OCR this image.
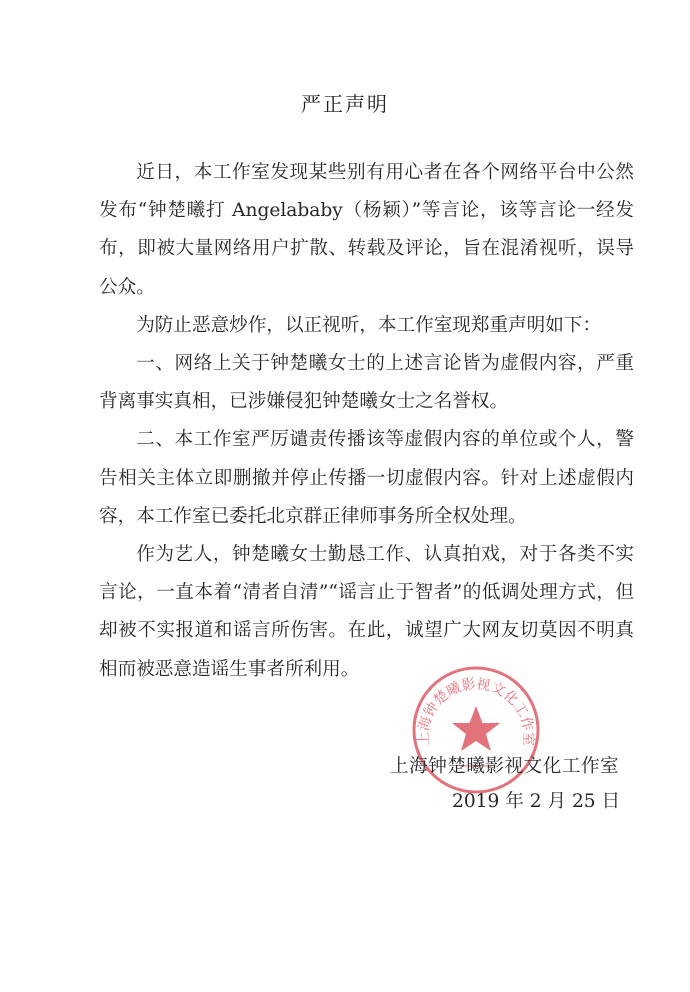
严正声明

近日，本工作室发现某些别有用心者在各个网络平台中公然发布“钟楚曦打 Angelababy（杨颖）”等言论，该等言论一经发布，即被大量网络用户扩散、转载及评论，旨在混淆视听，误导公众。

为防止恶意炒作，以正视听，本工作室现郑重声明如下：

一、网络上关于钟楚曦女士的上述言论皆为虚假内容，严重背离事实真相，已涉嫌侵犯钟楚曦女士之名誉权。

二、本工作室严厉谴责传播该等虚假内容的单位或个人，警告相关主体立即删撤并停止传播一切虚假内容。针对上述虚假内容，本工作室已委托北京群正律师事务所全权处理。

作为艺人，钟楚曦女士勤恳工作、认真拍戏，对于各类不实言论，一直本着“清者自清”“谣言止于智者”的低调处理方式，但却被不实报道和谣言所伤害。在此，诚望广大网友切莫因不明真相而被恶意造谣生事者所利用。

上海钟楚曦影视文化工作室
上海钟楚曦影视文化工作室
2019 年 2 月 25 日
